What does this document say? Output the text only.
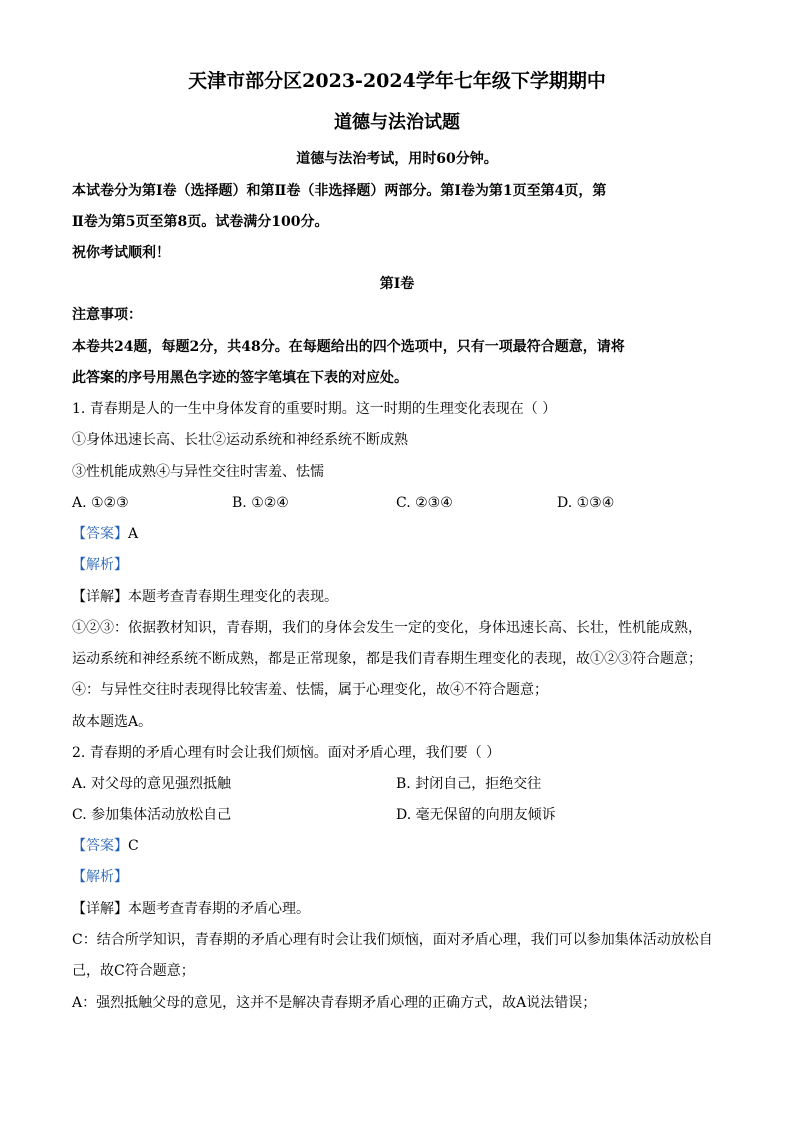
天津市部分区2023-2024学年七年级下学期期中
道德与法治试题
道德与法治考试，用时60分钟。
本试卷分为第Ⅰ卷（选择题）和第Ⅱ卷（非选择题）两部分。第Ⅰ卷为第1页至第4页，第
Ⅱ卷为第5页至第8页。试卷满分100分。
祝你考试顺利！
第Ⅰ卷
注意事项：
本卷共24题，每题2分，共48分。在每题给出的四个选项中，只有一项最符合题意，请将
此答案的序号用黑色字迹的签字笔填在下表的对应处。
1. 青春期是人的一生中身体发育的重要时期。这一时期的生理变化表现在（ ）
①身体迅速长高、长壮②运动系统和神经系统不断成熟
③性机能成熟④与异性交往时害羞、怯懦
A. ①②③	B. ①②④	C. ②③④	D. ①③④
【答案】A
【解析】
【详解】本题考查青春期生理变化的表现。
①②③：依据教材知识，青春期，我们的身体会发生一定的变化，身体迅速长高、长壮，性机能成熟，
运动系统和神经系统不断成熟，都是正常现象，都是我们青春期生理变化的表现，故①②③符合题意；
④：与异性交往时表现得比较害羞、怯懦，属于心理变化，故④不符合题意；
故本题选A。
2. 青春期的矛盾心理有时会让我们烦恼。面对矛盾心理，我们要（ ）
A. 对父母的意见强烈抵触	B. 封闭自己，拒绝交往
C. 参加集体活动放松自己	D. 毫无保留的向朋友倾诉
【答案】C
【解析】
【详解】本题考查青春期的矛盾心理。
C：结合所学知识，青春期的矛盾心理有时会让我们烦恼，面对矛盾心理，我们可以参加集体活动放松自
己，故C符合题意；
A：强烈抵触父母的意见，这并不是解决青春期矛盾心理的正确方式，故A说法错误；
